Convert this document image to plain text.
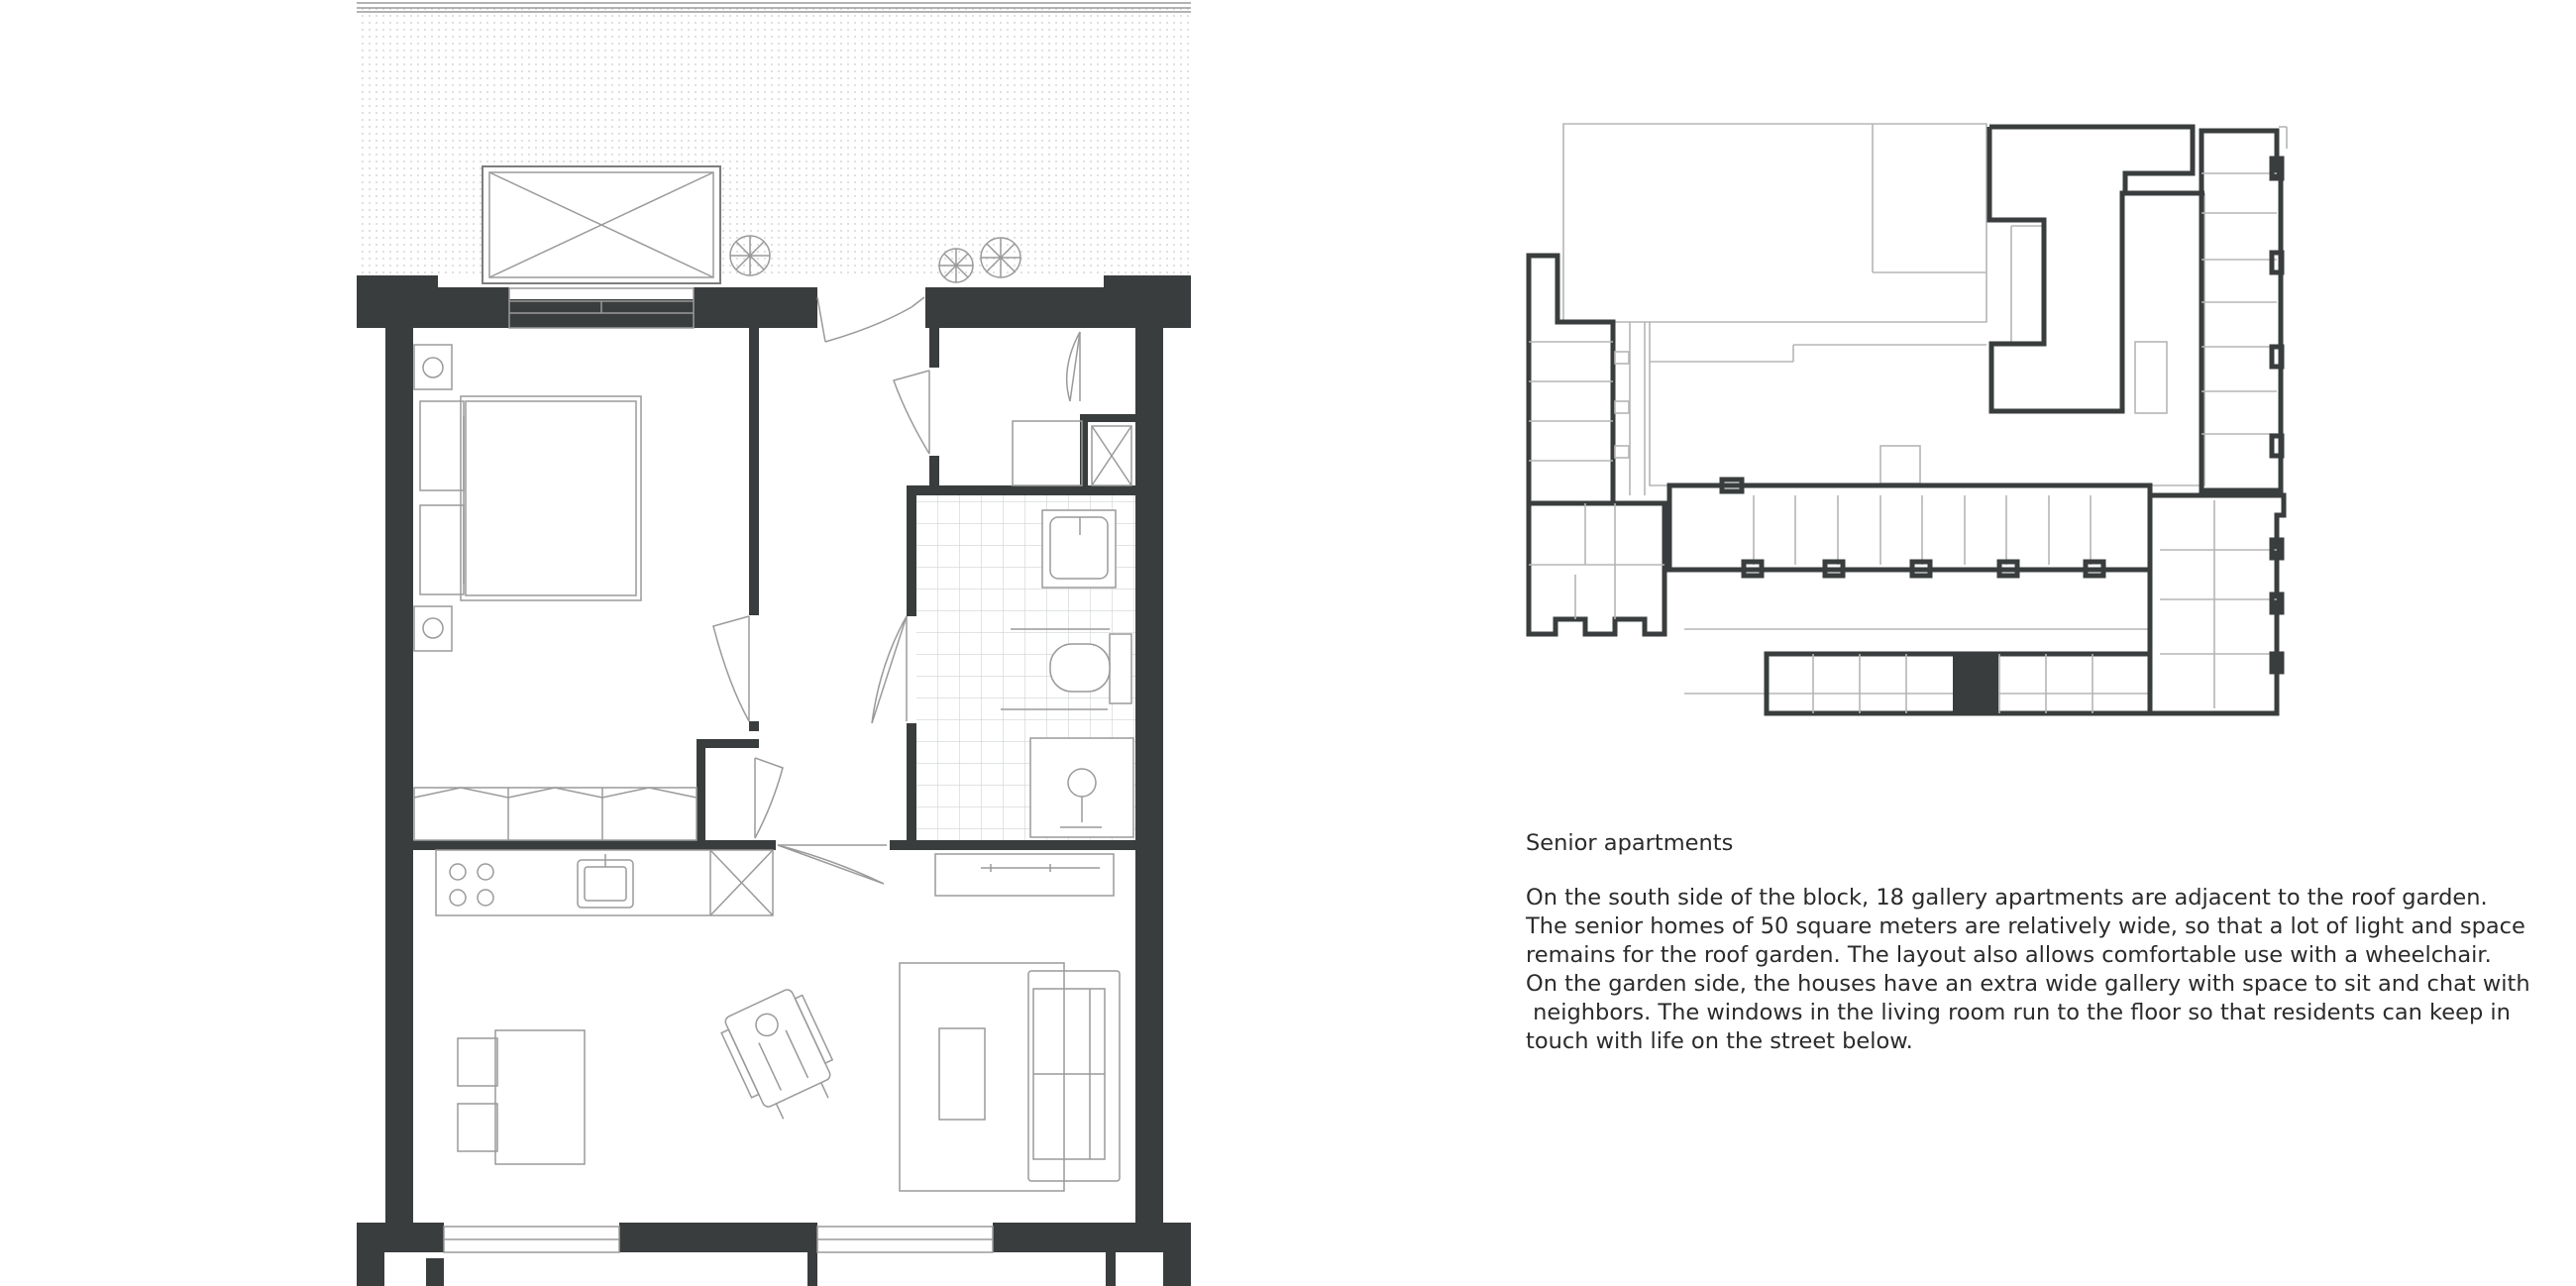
Senior apartments

On the south side of the block, 18 gallery apartments are adjacent to the roof garden.

The senior homes of 50 square meters are relatively wide, so that a lot of light and space

remains for the roof garden. The layout also allows comfortable use with a wheelchair.

On the garden side, the houses have an extra wide gallery with space to sit and chat with

neighbors. The windows in the living room run to the floor so that residents can keep in

touch with life on the street below.
